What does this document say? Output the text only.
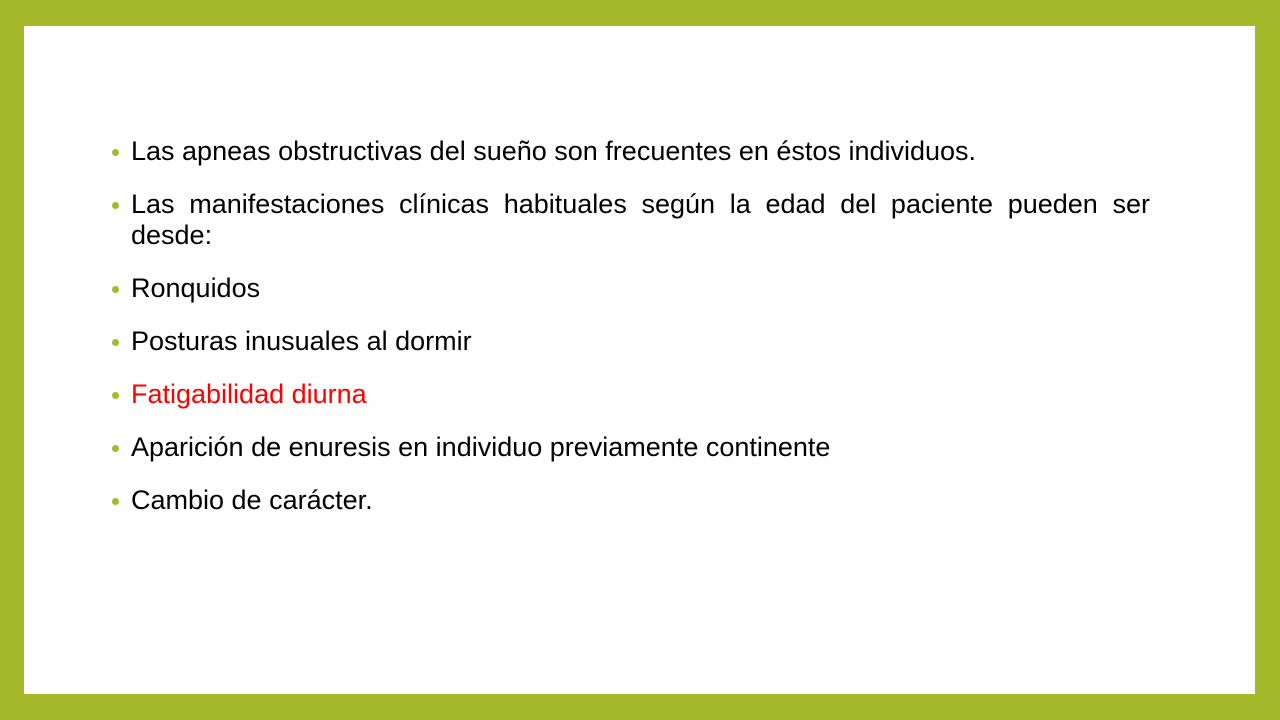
Las apneas obstructivas del sueño son frecuentes en éstos individuos.
Las manifestaciones clínicas habituales según la edad del paciente pueden ser desde:
Ronquidos
Posturas inusuales al dormir
Fatigabilidad diurna
Aparición de enuresis en individuo previamente continente
Cambio de carácter.
